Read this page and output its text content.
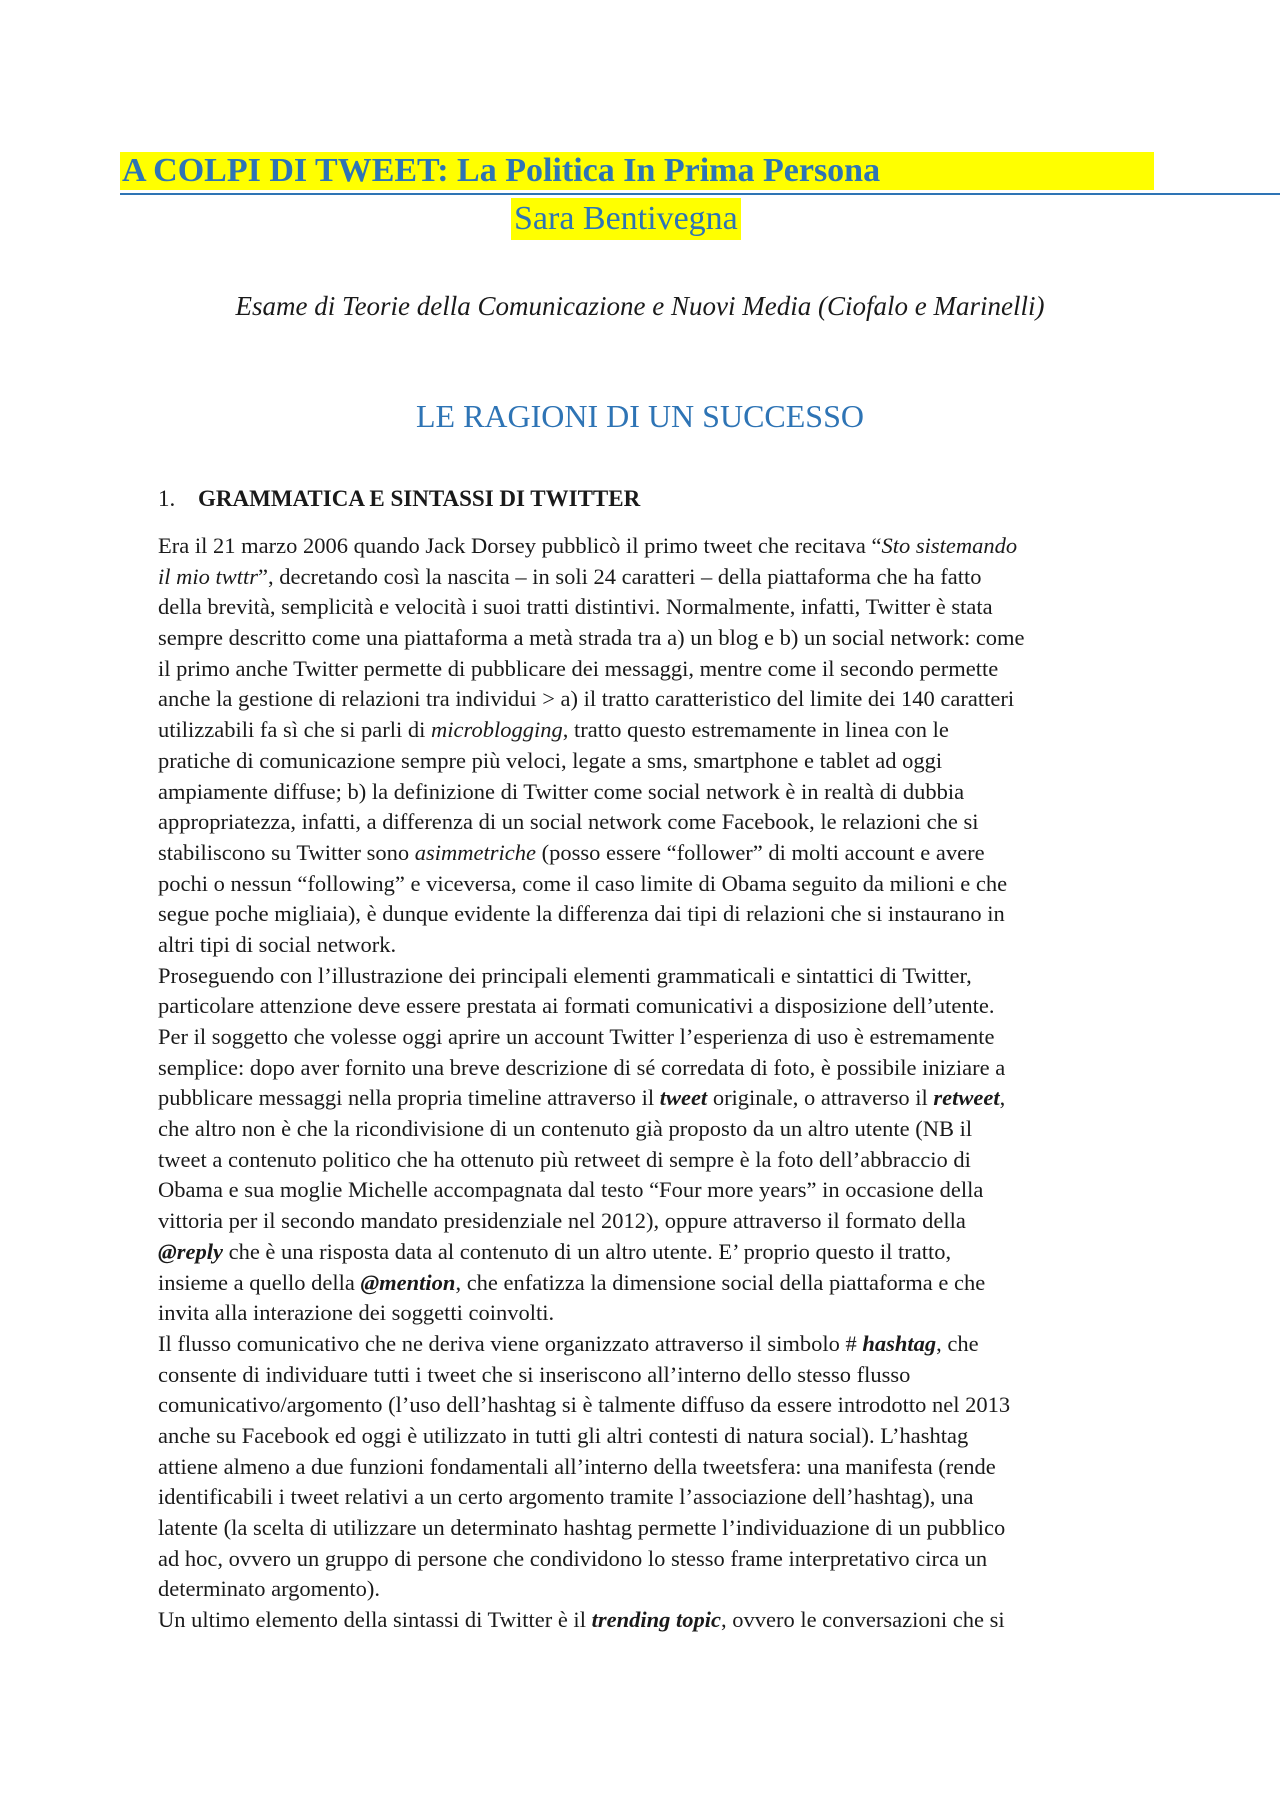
A COLPI DI TWEET: La Politica In Prima Persona
Sara Bentivegna
Esame di Teorie della Comunicazione e Nuovi Media (Ciofalo e Marinelli)
LE RAGIONI DI UN SUCCESSO
1. GRAMMATICA E SINTASSI DI TWITTER
Era il 21 marzo 2006 quando Jack Dorsey pubblicò il primo tweet che recitava “Sto sistemando
il mio twttr”, decretando così la nascita – in soli 24 caratteri – della piattaforma che ha fatto
della brevità, semplicità e velocità i suoi tratti distintivi. Normalmente, infatti, Twitter è stata
sempre descritto come una piattaforma a metà strada tra a) un blog e b) un social network: come
il primo anche Twitter permette di pubblicare dei messaggi, mentre come il secondo permette
anche la gestione di relazioni tra individui > a) il tratto caratteristico del limite dei 140 caratteri
utilizzabili fa sì che si parli di microblogging, tratto questo estremamente in linea con le
pratiche di comunicazione sempre più veloci, legate a sms, smartphone e tablet ad oggi
ampiamente diffuse; b) la definizione di Twitter come social network è in realtà di dubbia
appropriatezza, infatti, a differenza di un social network come Facebook, le relazioni che si
stabiliscono su Twitter sono asimmetriche (posso essere “follower” di molti account e avere
pochi o nessun “following” e viceversa, come il caso limite di Obama seguito da milioni e che
segue poche migliaia), è dunque evidente la differenza dai tipi di relazioni che si instaurano in
altri tipi di social network.
Proseguendo con l’illustrazione dei principali elementi grammaticali e sintattici di Twitter,
particolare attenzione deve essere prestata ai formati comunicativi a disposizione dell’utente.
Per il soggetto che volesse oggi aprire un account Twitter l’esperienza di uso è estremamente
semplice: dopo aver fornito una breve descrizione di sé corredata di foto, è possibile iniziare a
pubblicare messaggi nella propria timeline attraverso il tweet originale, o attraverso il retweet,
che altro non è che la ricondivisione di un contenuto già proposto da un altro utente (NB il
tweet a contenuto politico che ha ottenuto più retweet di sempre è la foto dell’abbraccio di
Obama e sua moglie Michelle accompagnata dal testo “Four more years” in occasione della
vittoria per il secondo mandato presidenziale nel 2012), oppure attraverso il formato della
@reply che è una risposta data al contenuto di un altro utente. E’ proprio questo il tratto,
insieme a quello della @mention, che enfatizza la dimensione social della piattaforma e che
invita alla interazione dei soggetti coinvolti.
Il flusso comunicativo che ne deriva viene organizzato attraverso il simbolo # hashtag, che
consente di individuare tutti i tweet che si inseriscono all’interno dello stesso flusso
comunicativo/argomento (l’uso dell’hashtag si è talmente diffuso da essere introdotto nel 2013
anche su Facebook ed oggi è utilizzato in tutti gli altri contesti di natura social). L’hashtag
attiene almeno a due funzioni fondamentali all’interno della tweetsfera: una manifesta (rende
identificabili i tweet relativi a un certo argomento tramite l’associazione dell’hashtag), una
latente (la scelta di utilizzare un determinato hashtag permette l’individuazione di un pubblico
ad hoc, ovvero un gruppo di persone che condividono lo stesso frame interpretativo circa un
determinato argomento).
Un ultimo elemento della sintassi di Twitter è il trending topic, ovvero le conversazioni che si
